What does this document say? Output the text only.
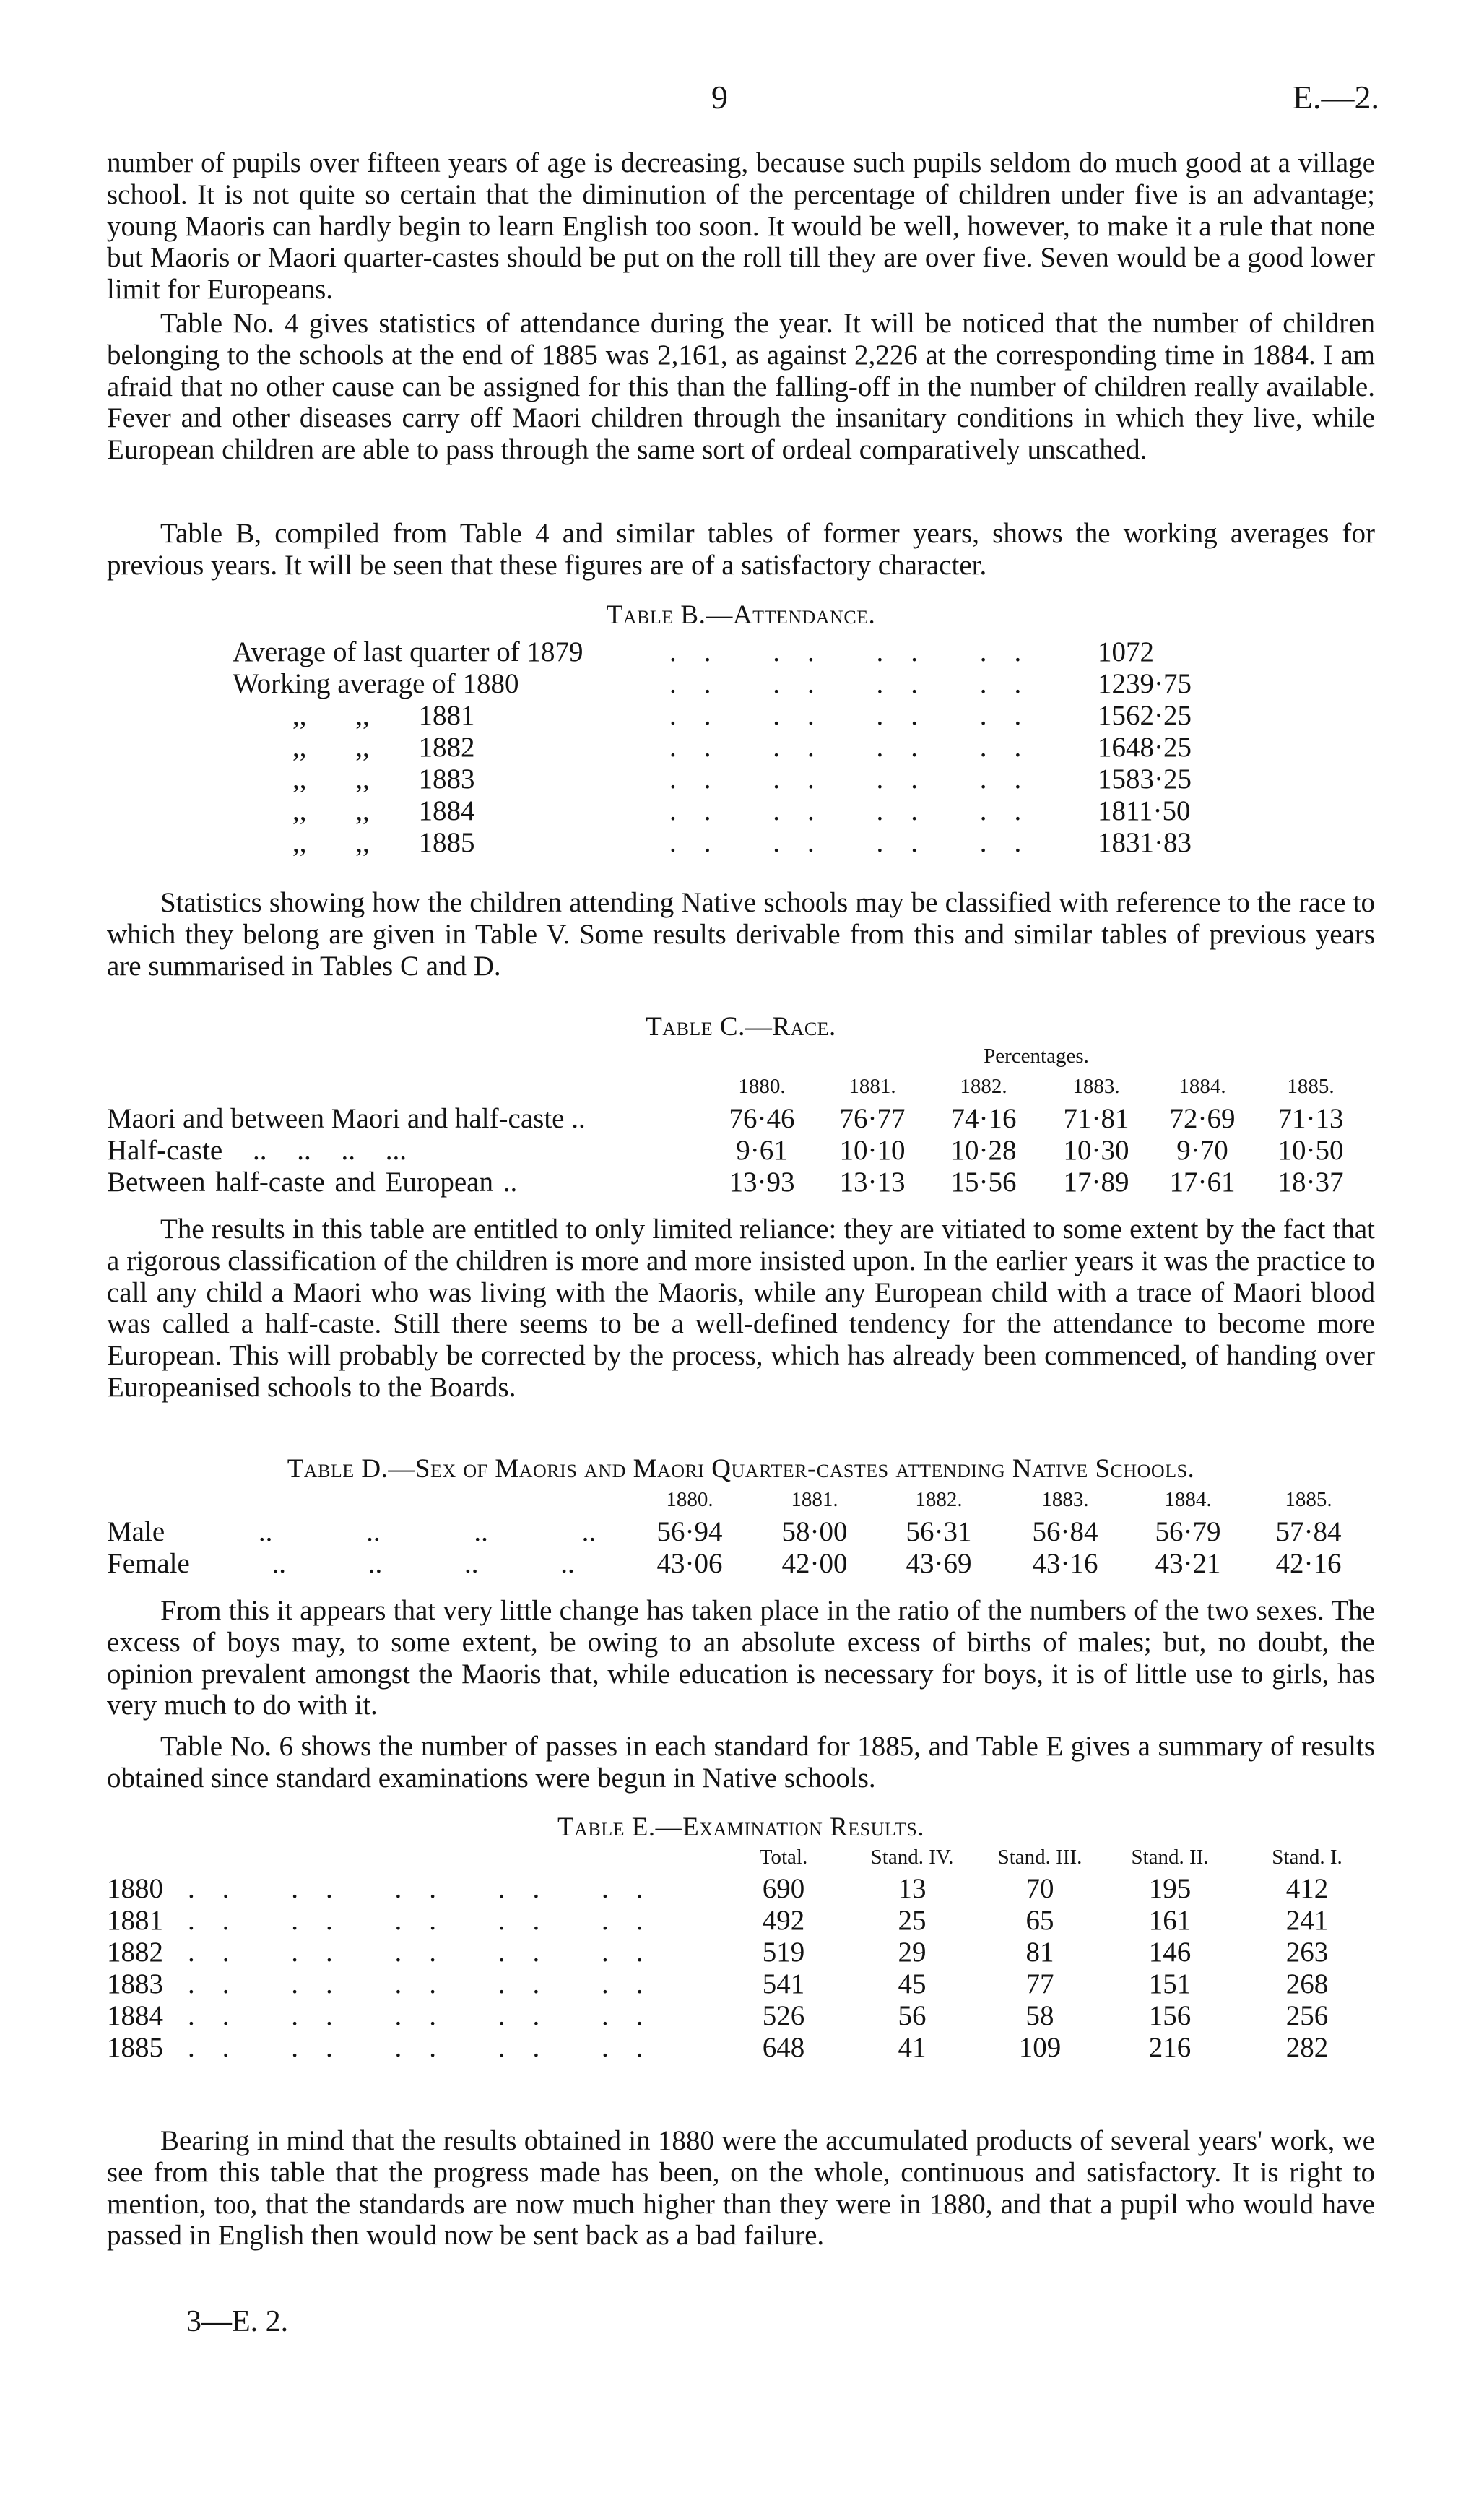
9	E.—2.

number of pupils over fifteen years of age is decreasing, because such pupils seldom do much good at a village school. It is not quite so certain that the diminution of the percentage of children under five is an advantage; young Maoris can hardly begin to learn English too soon. It would be well, however, to make it a rule that none but Maoris or Maori quarter-castes should be put on the roll till they are over five. Seven would be a good lower limit for Europeans.

Table No. 4 gives statistics of attendance during the year. It will be noticed that the number of children belonging to the schools at the end of 1885 was 2,161, as against 2,226 at the corresponding time in 1884. I am afraid that no other cause can be assigned for this than the falling-off in the number of children really available. Fever and other diseases carry off Maori children through the insanitary conditions in which they live, while European children are able to pass through the same sort of ordeal comparatively unscathed.

Table B, compiled from Table 4 and similar tables of former years, shows the working averages for previous years. It will be seen that these figures are of a satisfactory character.

Table B.—Attendance.
Average of last quarter of 1879	.. .. .. .. 1072
Working average of 1880	.. .. .. .. 1239·75
,, ,, 1881	.. .. .. .. 1562·25
,, ,, 1882	.. .. .. .. 1648·25
,, ,, 1883	.. .. .. .. 1583·25
,, ,, 1884	.. .. .. .. 1811·50
,, ,, 1885	.. .. .. .. 1831·83

Statistics showing how the children attending Native schools may be classified with reference to the race to which they belong are given in Table V. Some results derivable from this and similar tables of previous years are summarised in Tables C and D.

Table C.—Race.
Percentages.
1880.	1881.	1882.	1883.	1884.	1885.
Maori and between Maori and half-caste ..	76·46 76·77 74·16 71·81 72·69 71·13
Half-caste .. .. .. ...	9·61 10·10 10·28 10·30 9·70 10·50
Between half-caste and European ..	13·93 13·13 15·56 17·89 17·61 18·37

The results in this table are entitled to only limited reliance: they are vitiated to some extent by the fact that a rigorous classification of the children is more and more insisted upon. In the earlier years it was the practice to call any child a Maori who was living with the Maoris, while any European child with a trace of Maori blood was called a half-caste. Still there seems to be a well-defined tendency for the attendance to become more European. This will probably be corrected by the process, which has already been commenced, of handing over Europeanised schools to the Boards.

Table D.—Sex of Maoris and Maori Quarter-castes attending Native Schools.
1880.	1881.	1882.	1883.	1884.	1885.
Male .. .. .. .. 56·94 58·00 56·31 56·84 56·79 57·84
Female .. .. .. ..	43·06 42·00 43·69 43·16 43·21 42·16

From this it appears that very little change has taken place in the ratio of the numbers of the two sexes. The excess of boys may, to some extent, be owing to an absolute excess of births of males; but, no doubt, the opinion prevalent amongst the Maoris that, while education is necessary for boys, it is of little use to girls, has very much to do with it.

Table No. 6 shows the number of passes in each standard for 1885, and Table E gives a summary of results obtained since standard examinations were begun in Native schools.

Table E.—Examination Results.
Total.	Stand. IV. Stand. III. Stand. II.	Stand. I.
1880 .. .. .. .. ..	690	13	70	195	412
1881 .. .. .. .. ..	492	25	65	161	241
1882 .. .. .. .. ..	519	29	81	146	263
1883 .. .. .. .. ..	541	45	77	151	268
1884 .. .. .. .. ..	526	56	58	156	256
1885 .. .. .. .. ..	648	41	109	216	282

Bearing in mind that the results obtained in 1880 were the accumulated products of several years' work, we see from this table that the progress made has been, on the whole, continuous and satisfactory. It is right to mention, too, that the standards are now much higher than they were in 1880, and that a pupil who would have passed in English then would now be sent back as a bad failure.

3—E. 2.
